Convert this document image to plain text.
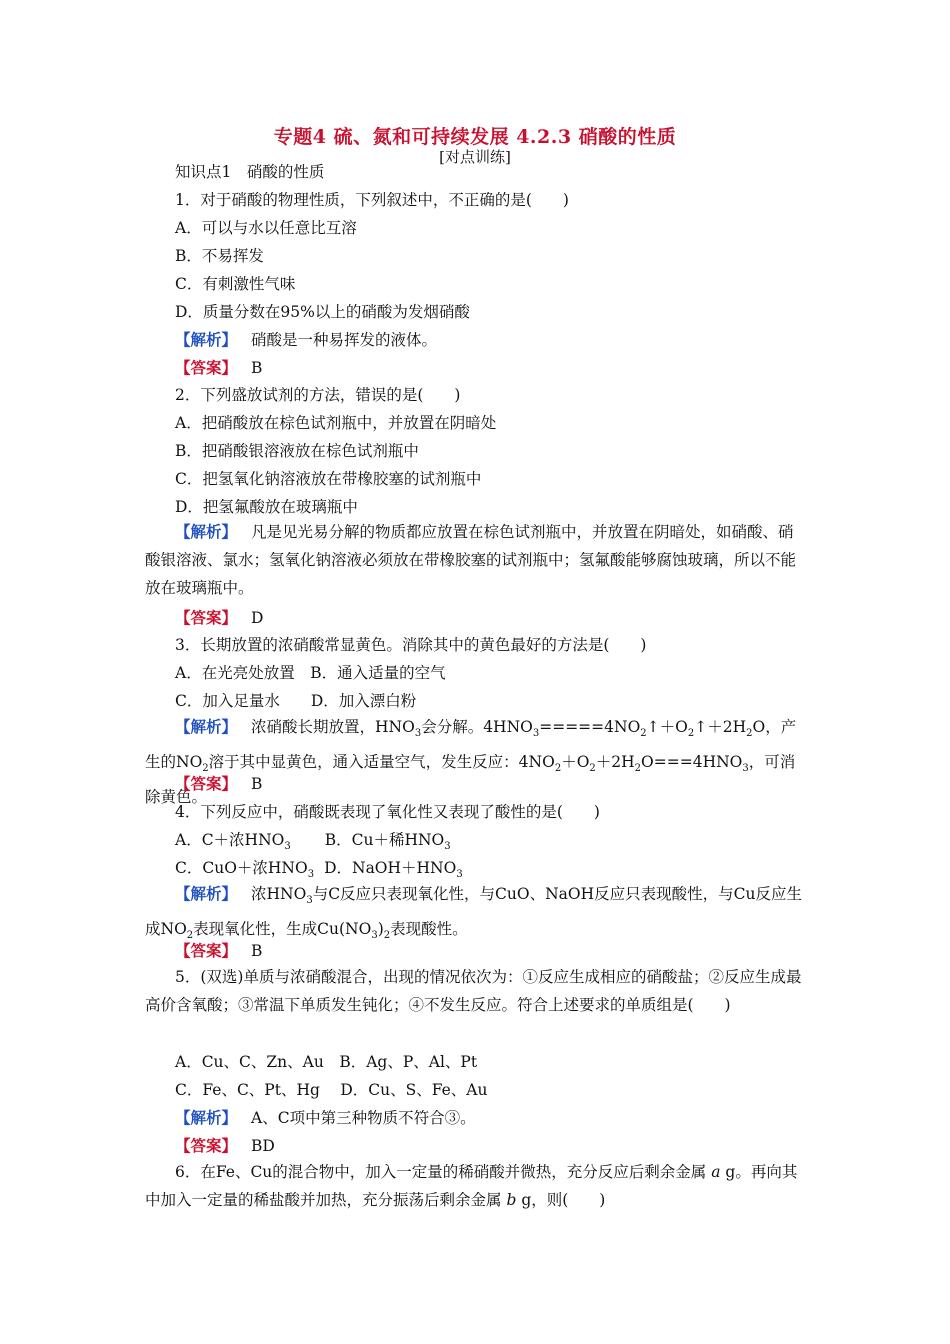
专题4 硫、氮和可持续发展 4.2.3 硝酸的性质
[对点训练]
知识点1　硝酸的性质
1．对于硝酸的物理性质，下列叙述中，不正确的是(　　)
A．可以与水以任意比互溶
B．不易挥发
C．有刺激性气味
D．质量分数在95%以上的硝酸为发烟硝酸
【解析】 硝酸是一种易挥发的液体。
【答案】 B
2．下列盛放试剂的方法，错误的是(　　)
A．把硝酸放在棕色试剂瓶中，并放置在阴暗处
B．把硝酸银溶液放在棕色试剂瓶中
C．把氢氧化钠溶液放在带橡胶塞的试剂瓶中
D．把氢氟酸放在玻璃瓶中
【解析】 凡是见光易分解的物质都应放置在棕色试剂瓶中，并放置在阴暗处，如硝酸、硝酸银溶液、氯水；氢氧化钠溶液必须放在带橡胶塞的试剂瓶中；氢氟酸能够腐蚀玻璃，所以不能放在玻璃瓶中。
【答案】 D
3．长期放置的浓硝酸常显黄色。消除其中的黄色最好的方法是(　　)
A．在光亮处放置　B．通入适量的空气
C．加入足量水　　D．加入漂白粉
【解析】 浓硝酸长期放置，$HNO_3$会分解。$4HNO_3=====4NO_2↑+O_2↑+2H_2O$，产生的$NO_2$溶于其中显黄色，通入适量空气，发生反应：$4NO_2+O_2+2H_2O===4HNO_3$，可消除黄色。
【答案】 B
4．下列反应中，硝酸既表现了氧化性又表现了酸性的是(　　)
A．C＋浓$HNO_3$ B．Cu＋稀$HNO_3$
C．CuO＋浓$HNO_3$ D．$NaOH+HNO_3$
【解析】 浓$HNO_3$与C反应只表现氧化性，与CuO、NaOH反应只表现酸性，与Cu反应生成$NO_2$表现氧化性，生成$Cu(NO_3)_2$表现酸性。
【答案】 B
5．(双选)单质与浓硝酸混合，出现的情况依次为：①反应生成相应的硝酸盐；②反应生成最高价含氧酸；③常温下单质发生钝化；④不发生反应。符合上述要求的单质组是(　　)
A．Cu、C、Zn、Au　B．Ag、P、Al、Pt
C．Fe、C、Pt、Hg　 D．Cu、S、Fe、Au
【解析】 A、C项中第三种物质不符合③。
【答案】 BD
6．在Fe、Cu的混合物中，加入一定量的稀硝酸并微热，充分反应后剩余金属 a g。再向其中加入一定量的稀盐酸并加热，充分振荡后剩余金属 b g，则(　　)
